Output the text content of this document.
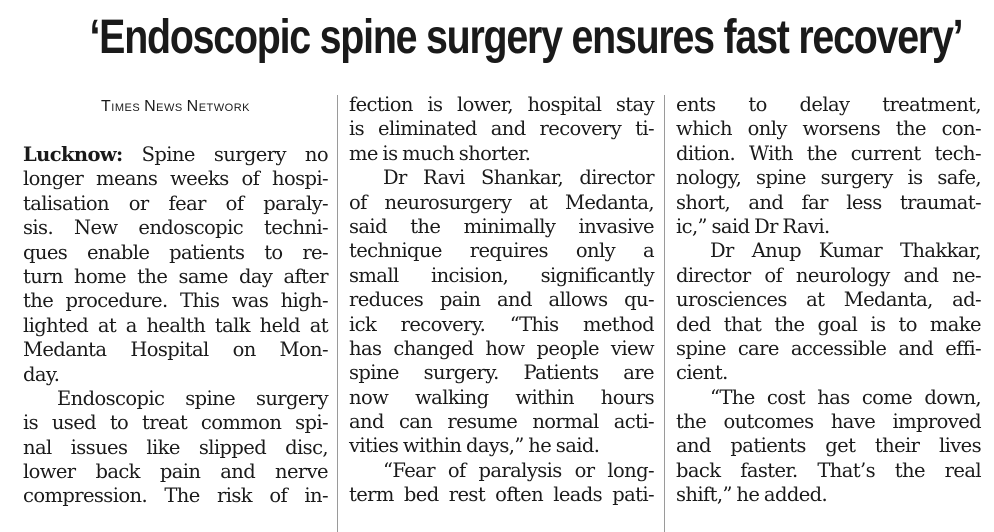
‘Endoscopic spine surgery ensures fast recovery’
Times News Network
Lucknow: Spine surgery no
longer means weeks of hospi-
talisation or fear of paraly-
sis. New endoscopic techni-
ques enable patients to re-
turn home the same day after
the procedure. This was high-
lighted at a health talk held at
Medanta Hospital on Mon-
day.
Endoscopic spine surgery
is used to treat common spi-
nal issues like slipped disc,
lower back pain and nerve
compression. The risk of in-
fection is lower, hospital stay
is eliminated and recovery ti-
me is much shorter.
Dr Ravi Shankar, director
of neurosurgery at Medanta,
said the minimally invasive
technique requires only a
small incision, significantly
reduces pain and allows qu-
ick recovery. “This method
has changed how people view
spine surgery. Patients are
now walking within hours
and can resume normal acti-
vities within days,” he said.
“Fear of paralysis or long-
term bed rest often leads pati-
ents to delay treatment,
which only worsens the con-
dition. With the current tech-
nology, spine surgery is safe,
short, and far less traumat-
ic,” said Dr Ravi.
Dr Anup Kumar Thakkar,
director of neurology and ne-
urosciences at Medanta, ad-
ded that the goal is to make
spine care accessible and effi-
cient.
“The cost has come down,
the outcomes have improved
and patients get their lives
back faster. That’s the real
shift,” he added.
